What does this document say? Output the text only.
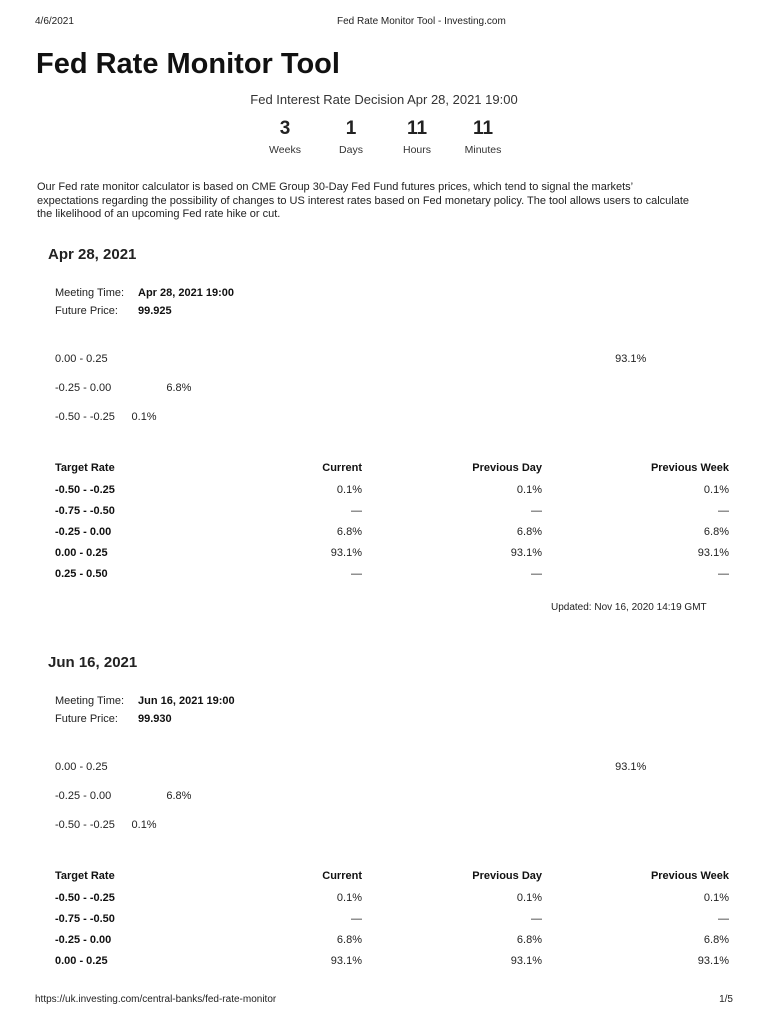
4/6/2021	Fed Rate Monitor Tool - Investing.com
Fed Rate Monitor Tool
Fed Interest Rate Decision Apr 28, 2021 19:00
3
Weeks
1
Days
11
Hours
11
Minutes

Our Fed rate monitor calculator is based on CME Group 30-Day Fed Fund futures prices, which tend to signal the markets’
expectations regarding the possibility of changes to US interest rates based on Fed monetary policy. The tool allows users to calculate
the likelihood of an upcoming Fed rate hike or cut.

Apr 28, 2021
Meeting Time:	Apr 28, 2021 19:00
Future Price:	99.925
0.00 - 0.25	93.1%
-0.25 - 0.00	6.8%
-0.50 - -0.25	0.1%
Target Rate	Current	Previous Day	Previous Week
-0.50 - -0.25	0.1%	0.1%	0.1%
-0.75 - -0.50	—	—	—
-0.25 - 0.00	6.8%	6.8%	6.8%
0.00 - 0.25	93.1%	93.1%	93.1%
0.25 - 0.50	—	—	—
Updated: Nov 16, 2020 14:19 GMT
Jun 16, 2021
Meeting Time:	Jun 16, 2021 19:00
Future Price:	99.930
0.00 - 0.25	93.1%
-0.25 - 0.00	6.8%
-0.50 - -0.25	0.1%
Target Rate	Current	Previous Day	Previous Week
-0.50 - -0.25	0.1%	0.1%	0.1%
-0.75 - -0.50	—	—	—
-0.25 - 0.00	6.8%	6.8%	6.8%
0.00 - 0.25	93.1%	93.1%	93.1%
https://uk.investing.com/central-banks/fed-rate-monitor	1/5
